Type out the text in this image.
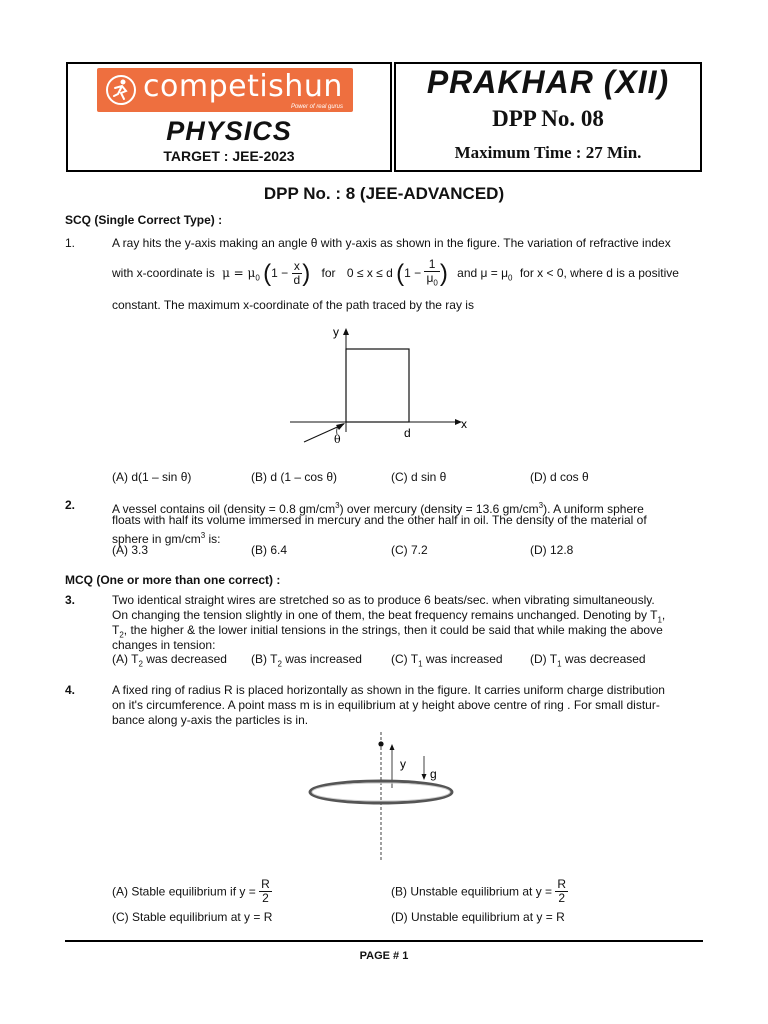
competishun
Power of real gurus
PHYSICS
TARGET : JEE-2023
PRAKHAR (XII)
DPP No. 08
Maximum Time : 27 Min.
DPP No. : 8 (JEE-ADVANCED)
SCQ (Single Correct Type) :
1.	A ray hits the y-axis making an angle θ with y-axis as shown in the figure. The variation of refractive index
with x-coordinate is $\mu = \mu_0$ ($1 - \frac{x}{d}$ ) for 0 ≤ x ≤ d ($1 - \frac{1}{\mu_0}$ ) and $\mu = \mu_0$ for x < 0, where d is a positive
constant. The maximum x-coordinate of the path traced by the ray is
y
x
d
θ
(A) d(1 – sin θ)	(B) d (1 – cos θ)	(C) d sin θ	(D) d cos θ
2.	A vessel contains oil (density = 0.8 $gm/cm^3$) over mercury (density = 13.6 $gm/cm^3$). A uniform sphere
floats with half its volume immersed in mercury and the other half in oil. The density of the material of
sphere in $gm/cm^3$ is:
(A) 3.3	(B) 6.4	(C) 7.2	(D) 12.8
MCQ (One or more than one correct) :
3.	Two identical straight wires are stretched so as to produce 6 beats/sec. when vibrating simultaneously.
On changing the tension slightly in one of them, the beat frequency remains unchanged. Denoting by $T_1$,
$T_2$, the higher & the lower initial tensions in the strings, then it could be said that while making the above
changes in tension:
(A) $T_2$ was decreased (B) $T_2$ was increased (C) $T_1$ was increased (D) $T_1$ was decreased
4.	A fixed ring of radius R is placed horizontally as shown in the figure. It carries uniform charge distribution
on it's circumference. A point mass m is in equilibrium at y height above centre of ring . For small distur-
bance along y-axis the particles is in.
y
g
(A) Stable equilibrium if $y = \frac{R}{2}$	(B) Unstable equilibrium at $y = \frac{R}{2}$
(C) Stable equilibrium at y = R	(D) Unstable equilibrium at y = R
PAGE # 1
